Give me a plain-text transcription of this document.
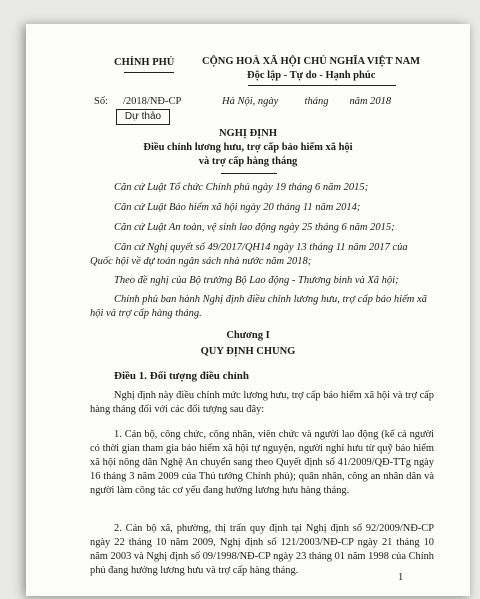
CHÍNH PHỦ	CỘNG HOÀ XÃ HỘI CHỦ NGHĨA VIỆT NAM
Độc lập - Tự do - Hạnh phúc
Số: /2018/NĐ-CP	Hà Nội, ngày          tháng        năm 2018
Dự thảo
NGHỊ ĐỊNH
Điều chỉnh lương hưu, trợ cấp bảo hiểm xã hội
và trợ cấp hàng tháng
Căn cứ Luật Tổ chức Chính phủ ngày 19 tháng 6 năm 2015;
Căn cứ Luật Bảo hiểm xã hội ngày 20 tháng 11 năm 2014;
Căn cứ Luật An toàn, vệ sinh lao động ngày 25 tháng 6 năm 2015;
Căn cứ Nghị quyết số 49/2017/QH14 ngày 13 tháng 11 năm 2017 của
Quốc hội về dự toán ngân sách nhà nước năm 2018;
Theo đề nghị của Bộ trưởng Bộ Lao động - Thương binh và Xã hội;
Chính phủ ban hành Nghị định điều chỉnh lương hưu, trợ cấp bảo hiểm xã
hội và trợ cấp hàng tháng.
Chương I
QUY ĐỊNH CHUNG
Điều 1. Đối tượng điều chỉnh
Nghị định này điều chỉnh mức lương hưu, trợ cấp bảo hiểm xã hội và trợ cấp hàng tháng đối với các đối tượng sau đây:
1. Cán bộ, công chức, công nhân, viên chức và người lao động (kể cả người có thời gian tham gia bảo hiểm xã hội tự nguyện, người nghỉ hưu từ quỹ bảo hiểm xã hội nông dân Nghệ An chuyển sang theo Quyết định số 41/2009/QĐ-TTg ngày 16 tháng 3 năm 2009 của Thủ tướng Chính phủ); quân nhân, công an nhân dân và người làm công tác cơ yếu đang hưởng lương hưu hàng tháng.
2. Cán bộ xã, phường, thị trấn quy định tại Nghị định số 92/2009/NĐ-CP ngày 22 tháng 10 năm 2009, Nghị định số 121/2003/NĐ-CP ngày 21 tháng 10 năm 2003 và Nghị định số 09/1998/NĐ-CP ngày 23 tháng 01 năm 1998 của Chính phủ đang hưởng lương hưu và trợ cấp hàng tháng.
1
